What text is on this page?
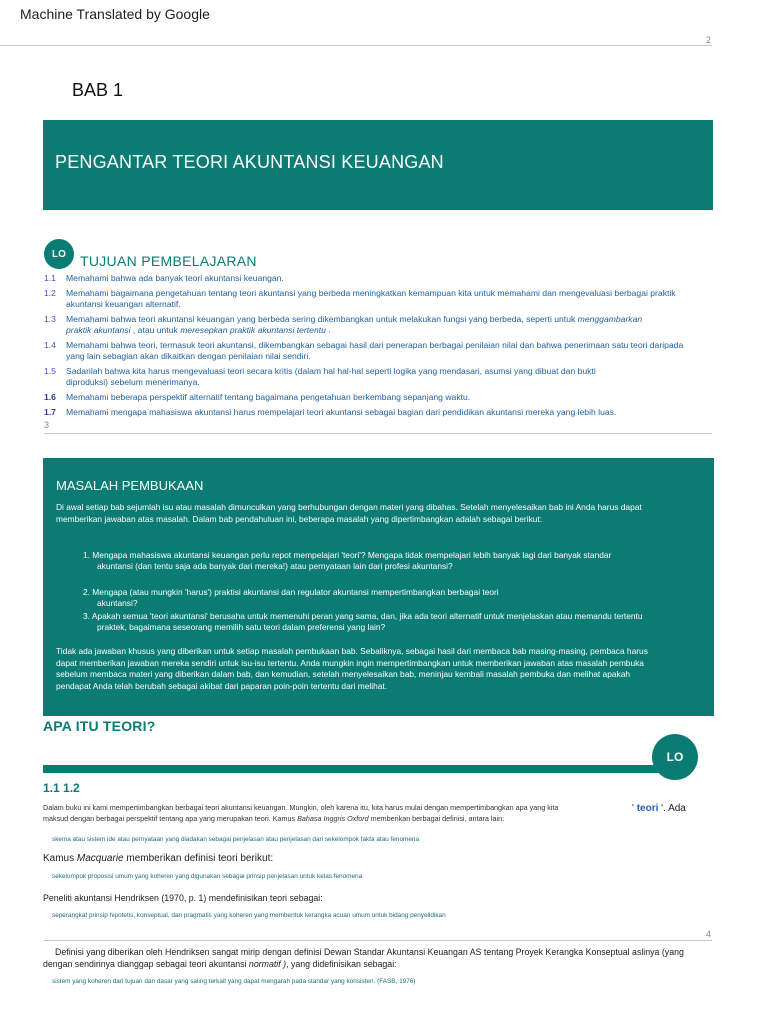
Machine Translated by Google
2
BAB 1
PENGANTAR TEORI AKUNTANSI KEUANGAN
LO	TUJUAN PEMBELAJARAN
1.1 Memahami bahwa ada banyak teori akuntansi keuangan.
1.2 Memahami bagaimana pengetahuan tentang teori akuntansi yang berbeda meningkatkan kemampuan kita untuk memahami dan mengevaluasi berbagai praktik
akuntansi keuangan alternatif.
1.3 Memahami bahwa teori akuntansi keuangan yang berbeda sering dikembangkan untuk melakukan fungsi yang berbeda, seperti untuk menggambarkan
praktik akuntansi , atau untuk meresepkan praktik akuntansi tertentu .
1.4 Memahami bahwa teori, termasuk teori akuntansi, dikembangkan sebagai hasil dari penerapan berbagai penilaian nilai dan bahwa penerimaan satu teori daripada
yang lain sebagian akan dikaitkan dengan penilaian nilai sendiri.
1.5 Sadarilah bahwa kita harus mengevaluasi teori secara kritis (dalam hal hal-hal seperti logika yang mendasari, asumsi yang dibuat dan bukti
diproduksi) sebelum menerimanya.
1.6 Memahami beberapa perspektif alternatif tentang bagaimana pengetahuan berkembang sepanjang waktu.
1.7 Memahami mengapa mahasiswa akuntansi harus mempelajari teori akuntansi sebagai bagian dari pendidikan akuntansi mereka yang lebih luas.
3
MASALAH PEMBUKAAN
Di awal setiap bab sejumlah isu atau masalah dimunculkan yang berhubungan dengan materi yang dibahas. Setelah menyelesaikan bab ini Anda harus dapat
memberikan jawaban atas masalah. Dalam bab pendahuluan ini, beberapa masalah yang dipertimbangkan adalah sebagai berikut:
1. Mengapa mahasiswa akuntansi keuangan perlu repot mempelajari 'teori'? Mengapa tidak mempelajari lebih banyak lagi dari banyak standar
akuntansi (dan tentu saja ada banyak dari mereka!) atau pernyataan lain dari profesi akuntansi?
2. Mengapa (atau mungkin 'harus') praktisi akuntansi dan regulator akuntansi mempertimbangkan berbagai teori
akuntansi?
3. Apakah semua 'teori akuntansi' berusaha untuk memenuhi peran yang sama, dan, jika ada teori alternatif untuk menjelaskan atau memandu tertentu
praktek, bagaimana seseorang memilih satu teori dalam preferensi yang lain?
Tidak ada jawaban khusus yang diberikan untuk setiap masalah pembukaan bab. Sebaliknya, sebagai hasil dari membaca bab masing-masing, pembaca harus
dapat memberikan jawaban mereka sendiri untuk isu-isu tertentu. Anda mungkin ingin mempertimbangkan untuk memberikan jawaban atas masalah pembuka
sebelum membaca materi yang diberikan dalam bab, dan kemudian, setelah menyelesaikan bab, meninjau kembali masalah pembuka dan melihat apakah
pendapat Anda telah berubah sebagai akibat dari paparan poin-poin tertentu dari melihat.
APA ITU TEORI?
LO
1.1 1.2
Dalam buku ini kami mempertimbangkan berbagai teori akuntansi keuangan. Mungkin, oleh karena itu, kita harus mulai dengan mempertimbangkan apa yang kita
maksud dengan berbagai perspektif tentang apa yang merupakan teori. Kamus Bahasa Inggris Oxford memberikan berbagai definisi, antara lain:
' teori '. Ada
skema atau sistem ide atau pernyataan yang diadakan sebagai penjelasan atau penjelasan dari sekelompok fakta atau fenomena
Kamus Macquarie memberikan definisi teori berikut:
sekelompok proposisi umum yang koheren yang digunakan sebagai prinsip penjelasan untuk kelas fenomena
Peneliti akuntansi Hendriksen (1970, p. 1) mendefinisikan teori sebagai:
seperangkat prinsip hipotetis, konseptual, dan pragmatis yang koheren yang membentuk kerangka acuan umum untuk bidang penyelidikan
4
Definisi yang diberikan oleh Hendriksen sangat mirip dengan definisi Dewan Standar Akuntansi Keuangan AS tentang Proyek Kerangka Konseptual aslinya (yang
dengan sendirinya dianggap sebagai teori akuntansi normatif ), yang didefinisikan sebagai:
sistem yang koheren dari tujuan dan dasar yang saling terkait yang dapat mengarah pada standar yang konsisten. (FASB, 1976)
